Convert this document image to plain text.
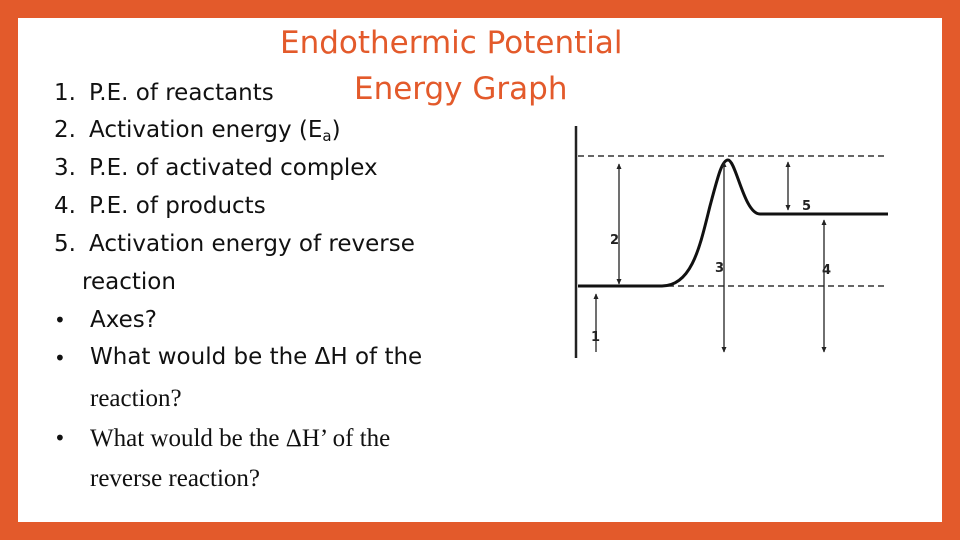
Endothermic Potential
Energy Graph
1. P.E. of reactants
2. Activation energy $(E_a)$
3. P.E. of activated complex
4. P.E. of products
5. Activation energy of reverse
reaction
• Axes?
• What would be the ΔH of the
reaction?
• What would be the ΔH’ of the
reverse reaction?
2
3	4
5
1
